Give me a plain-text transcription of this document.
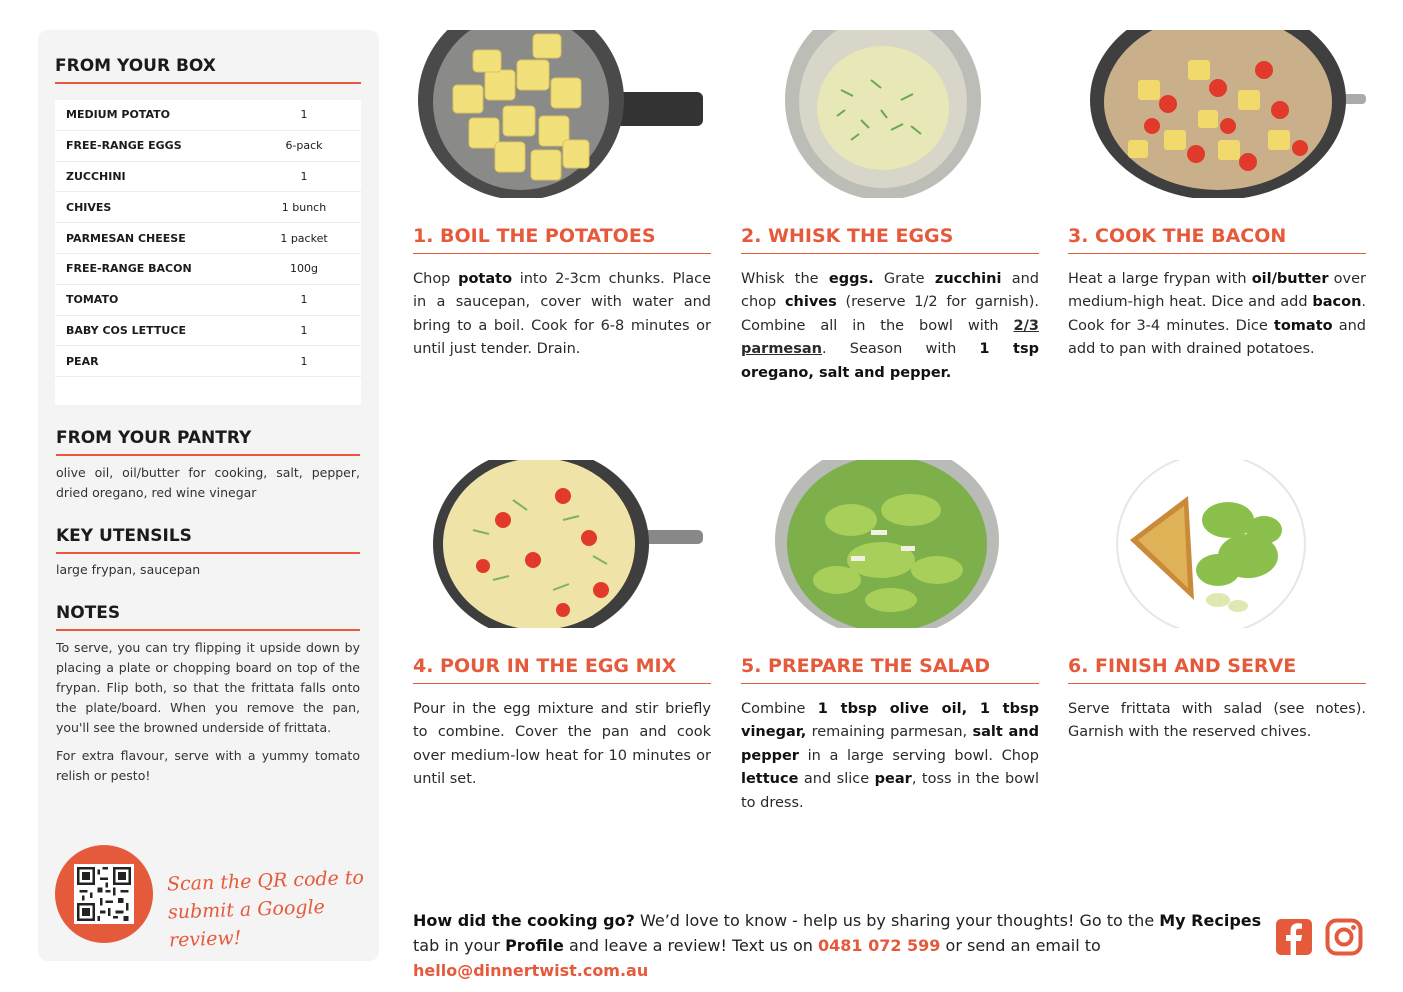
FROM YOUR BOX
MEDIUM POTATO	1
FREE-RANGE EGGS	6-pack
ZUCCHINI	1
CHIVES	1 bunch
PARMESAN CHEESE	1 packet
FREE-RANGE BACON	100g
TOMATO	1
BABY COS LETTUCE	1
PEAR	1
FROM YOUR PANTRY
olive oil, oil/butter for cooking, salt, pepper, dried oregano, red wine vinegar
KEY UTENSILS
large frypan, saucepan
NOTES

To serve, you can try flipping it upside down by placing a plate or chopping board on top of the frypan. Flip both, so that the frittata falls onto the plate/board. When you remove the pan, you'll see the browned underside of frittata.

For extra flavour, serve with a yummy tomato relish or pesto!

Scan the QR code to
submit a Google review!
1. BOIL THE POTATOES
Chop potato into 2-3cm chunks. Place in a saucepan, cover with water and bring to a boil. Cook for 6-8 minutes or until just tender. Drain.
2. WHISK THE EGGS
Whisk the eggs. Grate zucchini and chop chives (reserve 1/2 for garnish). Combine all in the bowl with 2/3 parmesan. Season with 1 tsp oregano, salt and pepper.
3. COOK THE BACON
Heat a large frypan with oil/butter over medium-high heat. Dice and add bacon. Cook for 3-4 minutes. Dice tomato and add to pan with drained potatoes.
4. POUR IN THE EGG MIX
Pour in the egg mixture and stir briefly to combine. Cover the pan and cook over medium-low heat for 10 minutes or until set.
5. PREPARE THE SALAD
Combine 1 tbsp olive oil, 1 tbsp vinegar, remaining parmesan, salt and pepper in a large serving bowl. Chop lettuce and slice pear, toss in the bowl to dress.
6. FINISH AND SERVE
Serve frittata with salad (see notes). Garnish with the reserved chives.
How did the cooking go? We’d love to know - help us by sharing your thoughts! Go to the My Recipes tab in your Profile and leave a review! Text us on 0481 072 599 or send an email to hello@dinnertwist.com.au
